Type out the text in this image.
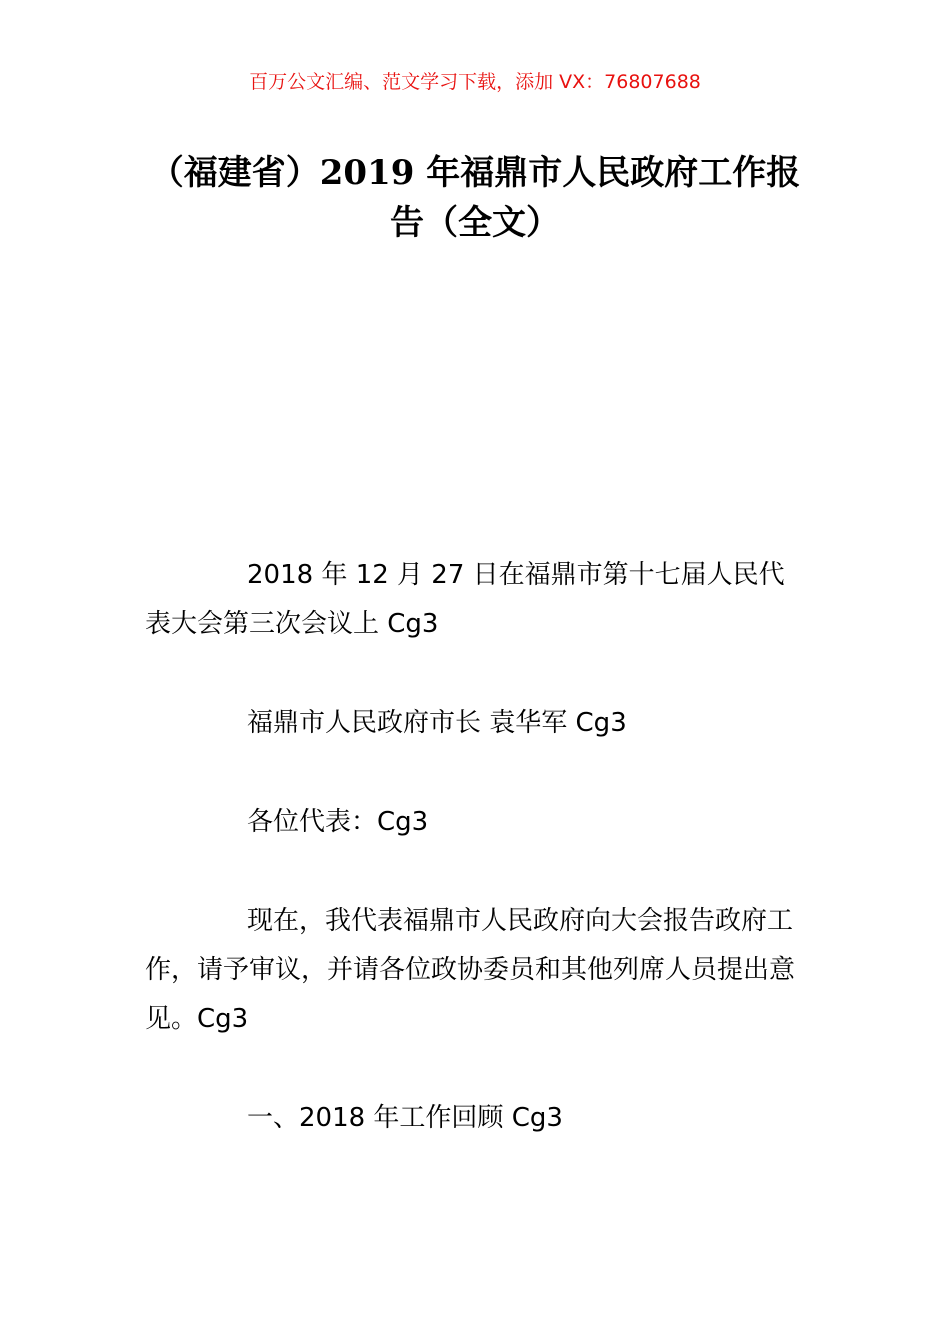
百万公文汇编、范文学习下载，添加 VX：76807688
（福建省）2019 年福鼎市人民政府工作报告（全文）

2018 年 12 月 27 日在福鼎市第十七届人民代表大会第三次会议上 Cg3

福鼎市人民政府市长 袁华军 Cg3

各位代表：Cg3

现在，我代表福鼎市人民政府向大会报告政府工作，请予审议，并请各位政协委员和其他列席人员提出意见。Cg3

一、2018 年工作回顾 Cg3
